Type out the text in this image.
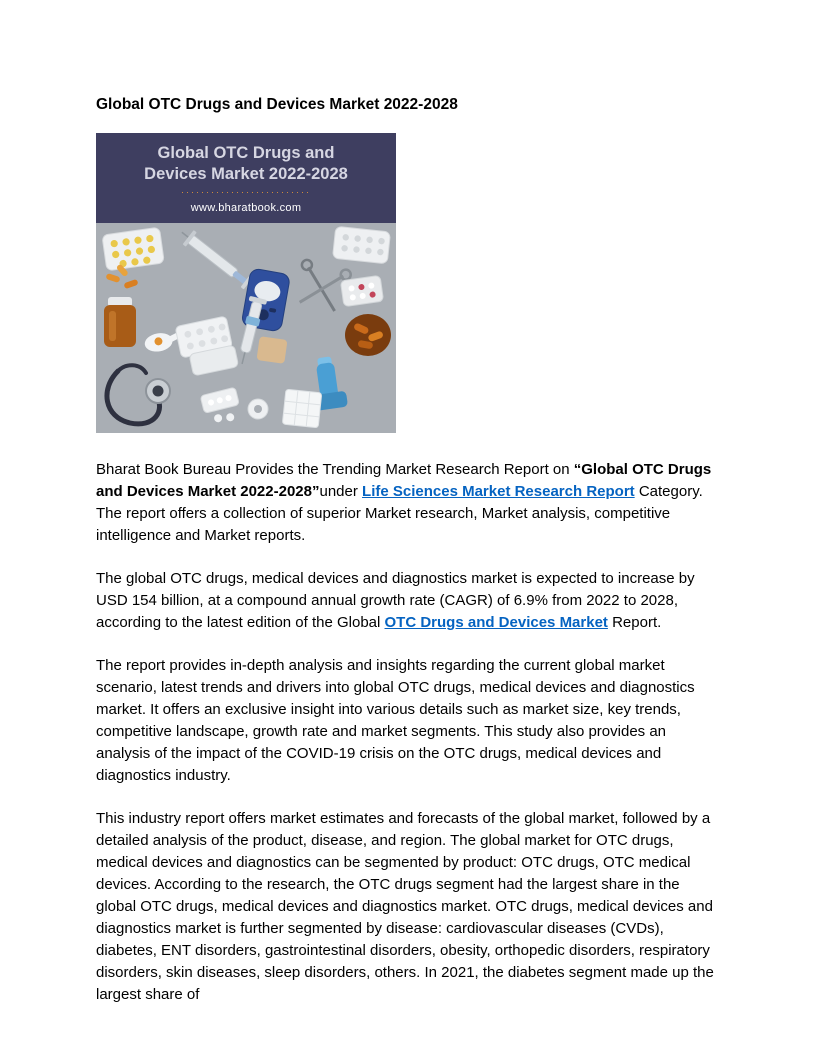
Global OTC Drugs and Devices Market 2022-2028
Global OTC Drugs and
Devices Market 2022-2028
··························
www.bharatbook.com

Bharat Book Bureau Provides the Trending Market Research Report on “Global OTC Drugs and Devices Market 2022-2028”under Life Sciences Market Research Report Category. The report offers a collection of superior Market research, Market analysis, competitive intelligence and Market reports.

The global OTC drugs, medical devices and diagnostics market is expected to increase by USD 154 billion, at a compound annual growth rate (CAGR) of 6.9% from 2022 to 2028, according to the latest edition of the Global OTC Drugs and Devices Market Report.

The report provides in-depth analysis and insights regarding the current global market scenario, latest trends and drivers into global OTC drugs, medical devices and diagnostics market. It offers an exclusive insight into various details such as market size, key trends, competitive landscape, growth rate and market segments. This study also provides an analysis of the impact of the COVID-19 crisis on the OTC drugs, medical devices and diagnostics industry.

This industry report offers market estimates and forecasts of the global market, followed by a detailed analysis of the product, disease, and region. The global market for OTC drugs, medical devices and diagnostics can be segmented by product: OTC drugs, OTC medical devices. According to the research, the OTC drugs segment had the largest share in the global OTC drugs, medical devices and diagnostics market. OTC drugs, medical devices and diagnostics market is further segmented by disease: cardiovascular diseases (CVDs), diabetes, ENT disorders, gastrointestinal disorders, obesity, orthopedic disorders, respiratory disorders, skin diseases, sleep disorders, others. In 2021, the diabetes segment made up the largest share of
